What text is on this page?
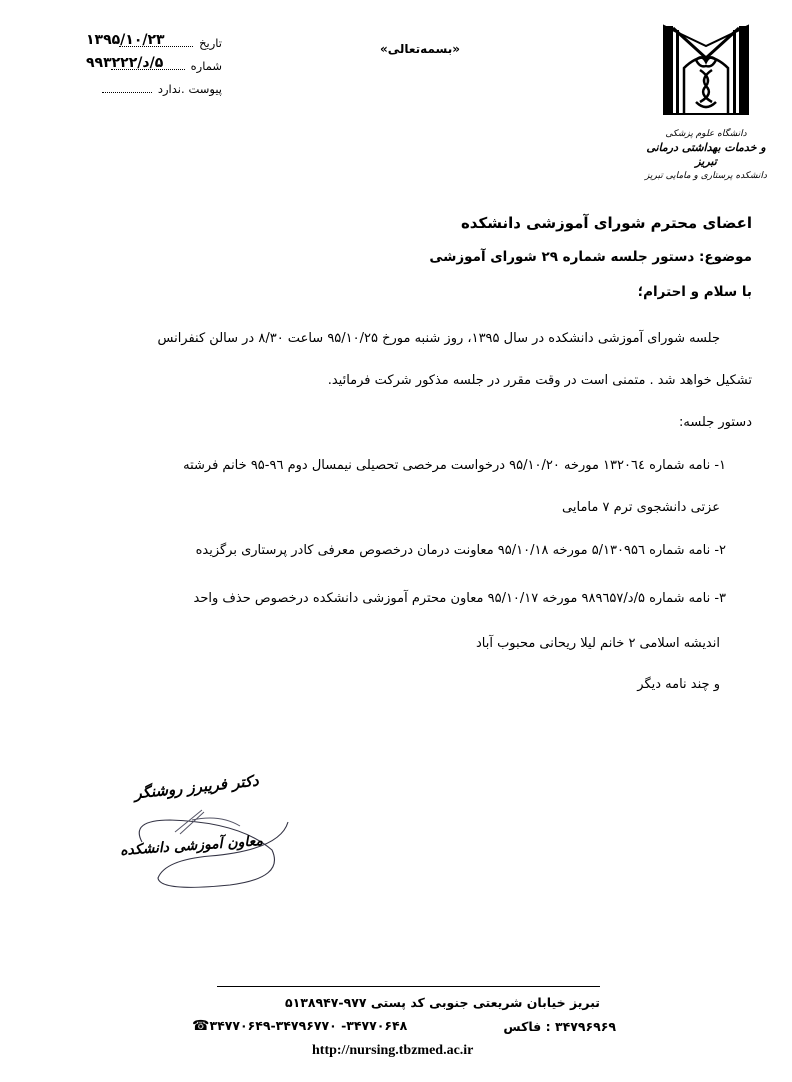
تاریخ
۱۳۹۵/۱۰/۲۳
شماره
۵/د/۹۹۳۲۲۲
پیوست .ندارد
«بسمه‌تعالی»
دانشگاه علوم پزشکی
و خدمات بهداشتی درمانی تبریز
دانشکده پرستاری و مامایی تبریز
اعضای محترم شورای آموزشی دانشکده
موضوع: دستور جلسه شماره ۲۹ شورای آموزشی
با سلام و احترام؛
جلسه شورای آموزشی دانشکده در سال ۱۳۹۵، روز شنبه مورخ ۹۵/۱۰/۲۵ ساعت ۸/۳۰ در سالن کنفرانس
تشکیل خواهد شد . متمنی است در وقت مقرر در جلسه مذکور شرکت فرمائید.
دستور جلسه:
۱- نامه شماره ۱۳۲۰٦٤ مورخه ۹۵/۱۰/۲۰ درخواست مرخصی تحصیلی نیمسال دوم ۹٦-۹۵ خانم فرشته
عزتی دانشجوی ترم ۷ مامایی
۲- نامه شماره ۵/۱۳۰۹۵٦ مورخه ۹۵/۱۰/۱۸ معاونت درمان درخصوص معرفی کادر پرستاری برگزیده
۳- نامه شماره ۵/د/۹۸۹٦۵۷ مورخه ۹۵/۱۰/۱۷ معاون محترم آموزشی دانشکده درخصوص حذف واحد
اندیشه اسلامی ۲ خانم لیلا ریحانی محبوب آباد
و چند نامه دیگر
دکتر فریبرز روشنگر
معاون آموزشی دانشکده
تبریز خیابان شریعتی جنوبی کد پستی ۹۷۷-۵۱۳۸۹۴۷
۳۴۷۹۶۹۶۹ : فاکس
☎۳۴۷۷۰۶۴۸- ۳۴۷۷۰۶۴۹-۳۴۷۹۶۷۷۰
http://nursing.tbzmed.ac.ir
